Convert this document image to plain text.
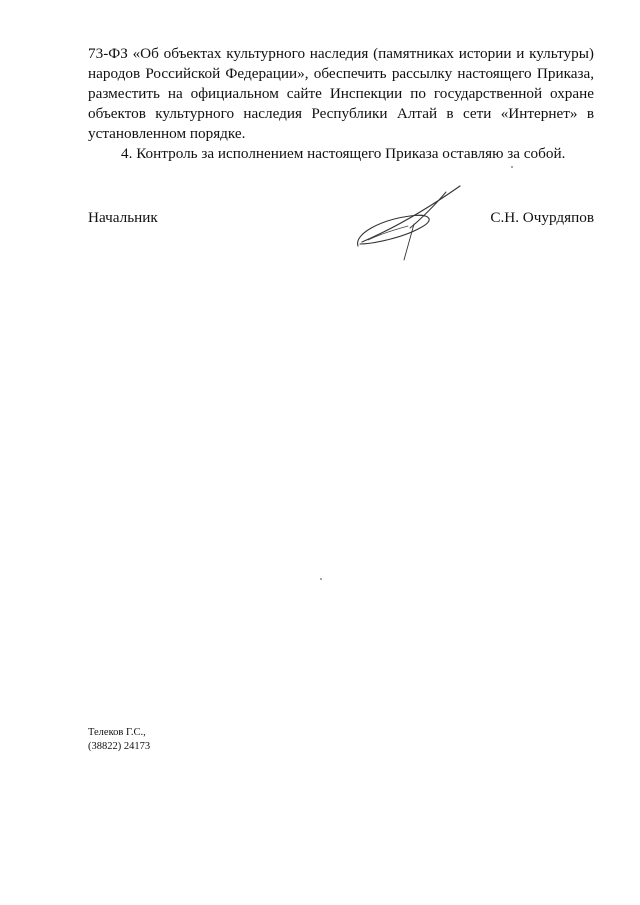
73-ФЗ «Об объектах культурного наследия (памятниках истории и культуры) народов Российской Федерации», обеспечить рассылку настоящего Приказа, разместить на официальном сайте Инспекции по государственной охране объектов культурного наследия Республики Алтай в сети «Интернет» в установленном порядке.

4. Контроль за исполнением настоящего Приказа оставляю за собой.

Начальник	С.Н. Очурдяпов
Телеков Г.С.,
(38822) 24173
